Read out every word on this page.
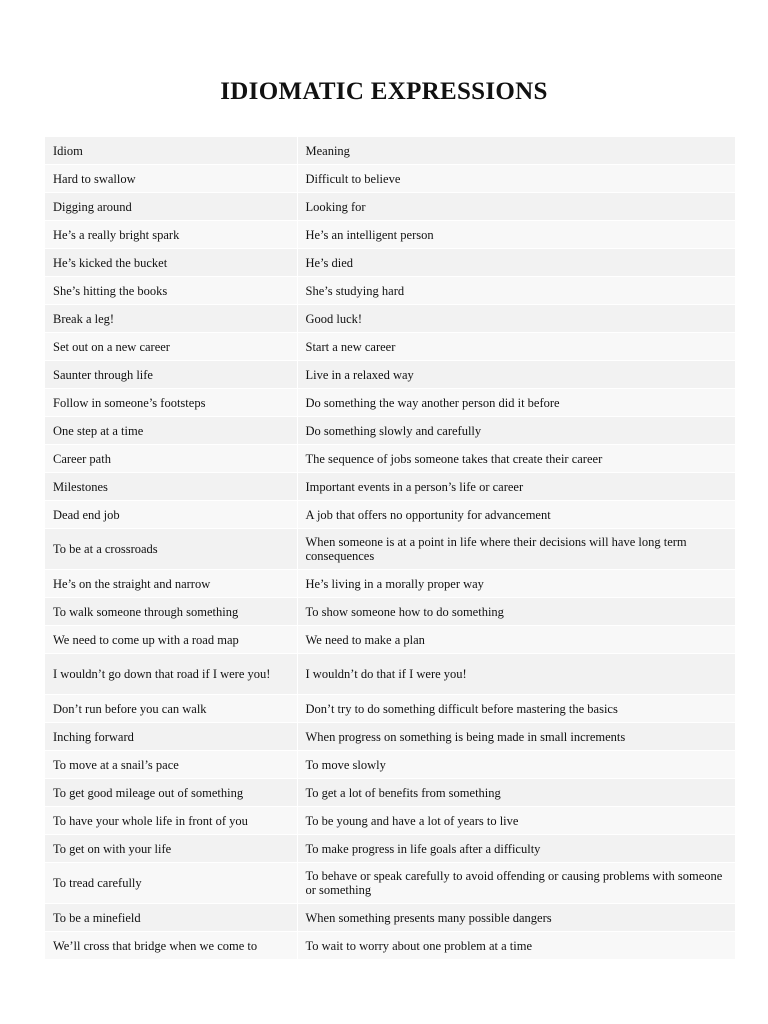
IDIOMATIC EXPRESSIONS
Idiom	Meaning
Hard to swallow	Difficult to believe
Digging around	Looking for
He’s a really bright spark	He’s an intelligent person
He’s kicked the bucket	He’s died
She’s hitting the books	She’s studying hard
Break a leg!	Good luck!
Set out on a new career	Start a new career
Saunter through life	Live in a relaxed way
Follow in someone’s footsteps	Do something the way another person did it before
One step at a time	Do something slowly and carefully
Career path	The sequence of jobs someone takes that create their career
Milestones	Important events in a person’s life or career
Dead end job	A job that offers no opportunity for advancement
To be at a crossroads	When someone is at a point in life where their decisions will have long term consequences
He’s on the straight and narrow	He’s living in a morally proper way
To walk someone through something	To show someone how to do something
We need to come up with a road map	We need to make a plan
I wouldn’t go down that road if I were you!	I wouldn’t do that if I were you!
Don’t run before you can walk	Don’t try to do something difficult before mastering the basics
Inching forward	When progress on something is being made in small increments
To move at a snail’s pace	To move slowly
To get good mileage out of something	To get a lot of benefits from something
To have your whole life in front of you	To be young and have a lot of years to live
To get on with your life	To make progress in life goals after a difficulty
To tread carefully	To behave or speak carefully to avoid offending or causing problems with someone or something
To be a minefield	When something presents many possible dangers
We’ll cross that bridge when we come to	To wait to worry about one problem at a time
